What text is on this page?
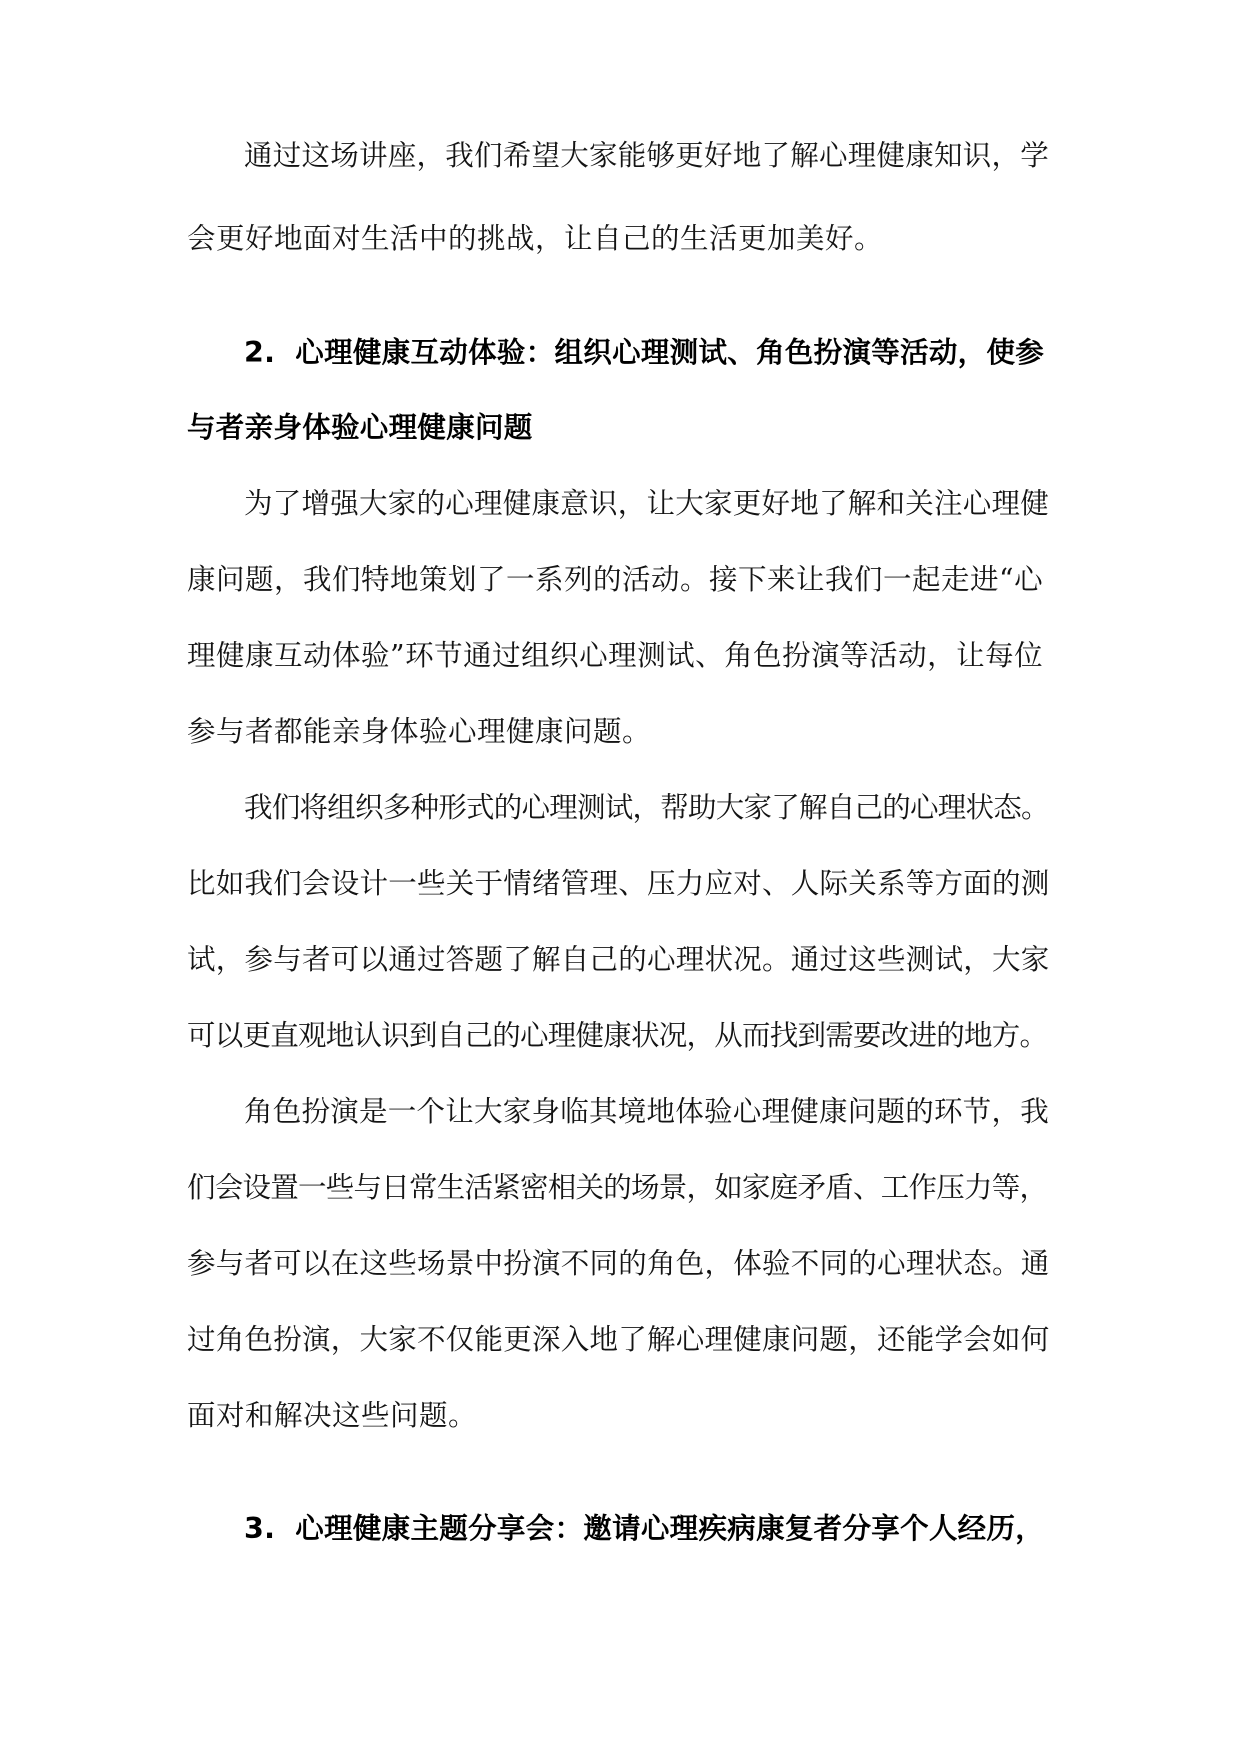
通过这场讲座，我们希望大家能够更好地了解心理健康知识，学

会更好地面对生活中的挑战，让自己的生活更加美好。

2. 心理健康互动体验：组织心理测试、角色扮演等活动，使参

与者亲身体验心理健康问题

为了增强大家的心理健康意识，让大家更好地了解和关注心理健

康问题，我们特地策划了一系列的活动。接下来让我们一起走进“心

理健康互动体验”环节通过组织心理测试、角色扮演等活动，让每位

参与者都能亲身体验心理健康问题。

我们将组织多种形式的心理测试，帮助大家了解自己的心理状态。

比如我们会设计一些关于情绪管理、压力应对、人际关系等方面的测

试，参与者可以通过答题了解自己的心理状况。通过这些测试，大家

可以更直观地认识到自己的心理健康状况，从而找到需要改进的地方。

角色扮演是一个让大家身临其境地体验心理健康问题的环节，我

们会设置一些与日常生活紧密相关的场景，如家庭矛盾、工作压力等，

参与者可以在这些场景中扮演不同的角色，体验不同的心理状态。通

过角色扮演，大家不仅能更深入地了解心理健康问题，还能学会如何

面对和解决这些问题。

3. 心理健康主题分享会：邀请心理疾病康复者分享个人经历，
